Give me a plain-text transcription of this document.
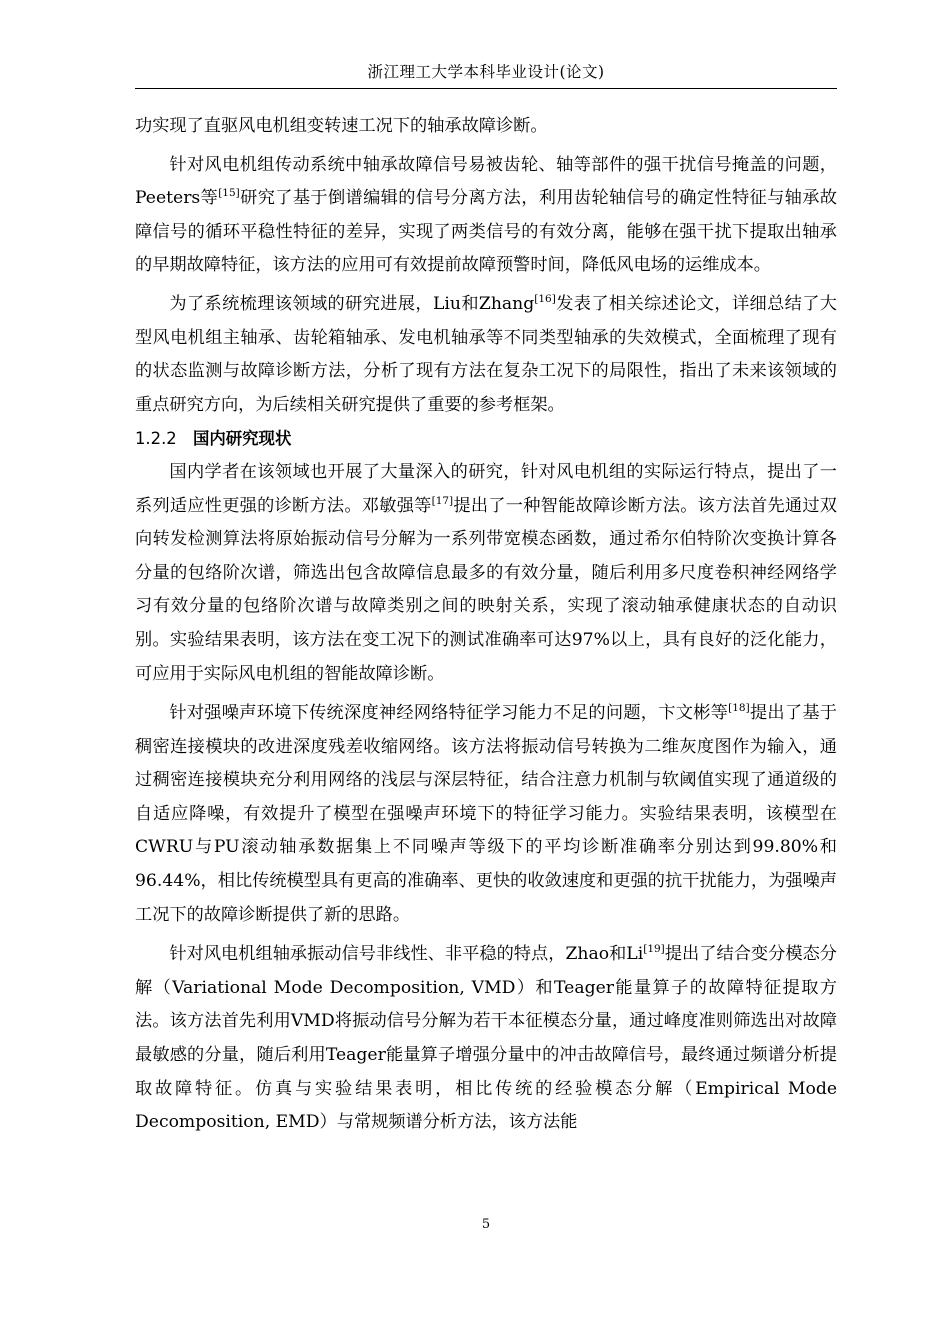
浙江理工大学本科毕业设计(论文)

功实现了直驱风电机组变转速工况下的轴承故障诊断。

针对风电机组传动系统中轴承故障信号易被齿轮、轴等部件的强干扰信号掩盖的问题，Peeters等[15]研究了基于倒谱编辑的信号分离方法，利用齿轮轴信号的确定性特征与轴承故障信号的循环平稳性特征的差异，实现了两类信号的有效分离，能够在强干扰下提取出轴承的早期故障特征，该方法的应用可有效提前故障预警时间，降低风电场的运维成本。

为了系统梳理该领域的研究进展，Liu和Zhang[16]发表了相关综述论文，详细总结了大型风电机组主轴承、齿轮箱轴承、发电机轴承等不同类型轴承的失效模式，全面梳理了现有的状态监测与故障诊断方法，分析了现有方法在复杂工况下的局限性，指出了未来该领域的重点研究方向，为后续相关研究提供了重要的参考框架。

1.2.2 国内研究现状

国内学者在该领域也开展了大量深入的研究，针对风电机组的实际运行特点，提出了一系列适应性更强的诊断方法。邓敏强等[17]提出了一种智能故障诊断方法。该方法首先通过双向转发检测算法将原始振动信号分解为一系列带宽模态函数，通过希尔伯特阶次变换计算各分量的包络阶次谱，筛选出包含故障信息最多的有效分量，随后利用多尺度卷积神经网络学习有效分量的包络阶次谱与故障类别之间的映射关系，实现了滚动轴承健康状态的自动识别。实验结果表明，该方法在变工况下的测试准确率可达97%以上，具有良好的泛化能力，可应用于实际风电机组的智能故障诊断。

针对强噪声环境下传统深度神经网络特征学习能力不足的问题，卞文彬等[18]提出了基于稠密连接模块的改进深度残差收缩网络。该方法将振动信号转换为二维灰度图作为输入，通过稠密连接模块充分利用网络的浅层与深层特征，结合注意力机制与软阈值实现了通道级的自适应降噪，有效提升了模型在强噪声环境下的特征学习能力。实验结果表明，该模型在CWRU与PU滚动轴承数据集上不同噪声等级下的平均诊断准确率分别达到99.80%和96.44%，相比传统模型具有更高的准确率、更快的收敛速度和更强的抗干扰能力，为强噪声工况下的故障诊断提供了新的思路。

针对风电机组轴承振动信号非线性、非平稳的特点，Zhao和Li[19]提出了结合变分模态分解（Variational Mode Decomposition, VMD）和Teager能量算子的故障特征提取方法。该方法首先利用VMD将振动信号分解为若干本征模态分量，通过峰度准则筛选出对故障最敏感的分量，随后利用Teager能量算子增强分量中的冲击故障信号，最终通过频谱分析提取故障特征。仿真与实验结果表明，相比传统的经验模态分解（Empirical Mode Decomposition, EMD）与常规频谱分析方法，该方法能

5
